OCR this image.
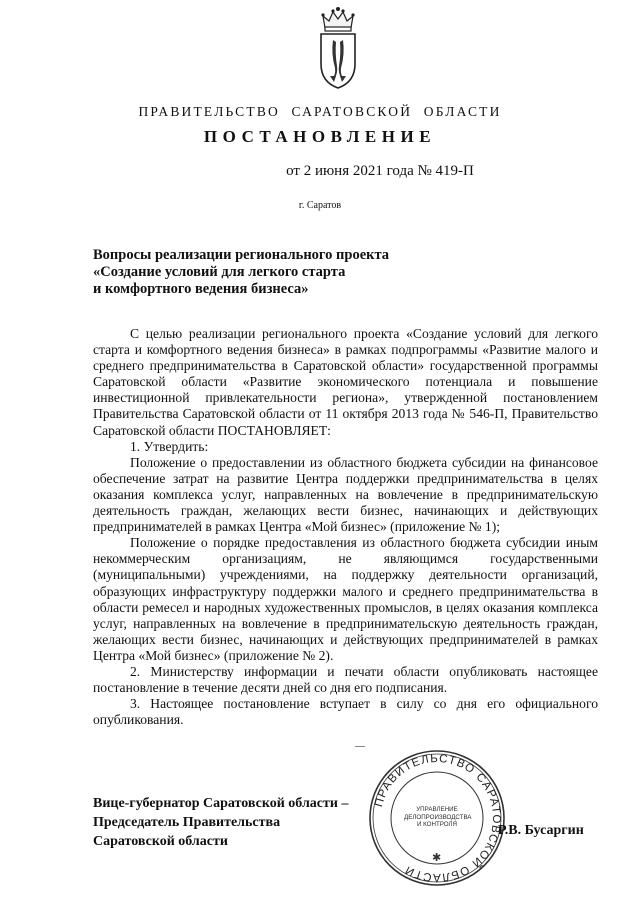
ПРАВИТЕЛЬСТВО САРАТОВСКОЙ ОБЛАСТИ
ПОСТАНОВЛЕНИЕ
от 2 июня 2021 года № 419-П
г. Саратов
Вопросы реализации регионального проекта
«Создание условий для легкого старта
и комфортного ведения бизнеса»

С целью реализации регионального проекта «Создание условий для легкого старта и комфортного ведения бизнеса» в рамках подпрограммы «Развитие малого и среднего предпринимательства в Саратовской области» государственной программы Саратовской области «Развитие экономического потенциала и повышение инвестиционной привлекательности региона», утвержденной постановлением Правительства Саратовской области от 11 октября 2013 года № 546-П, Правительство Саратовской области ПОСТАНОВЛЯЕТ:

1. Утвердить:

Положение о предоставлении из областного бюджета субсидии на финансовое обеспечение затрат на развитие Центра поддержки предпринимательства в целях оказания комплекса услуг, направленных на вовлечение в предпринимательскую деятельность граждан, желающих вести бизнес, начинающих и действующих предпринимателей в рамках Центра «Мой бизнес» (приложение № 1);

Положение о порядке предоставления из областного бюджета субсидии иным некоммерческим организациям, не являющимся государственными (муниципальными) учреждениями, на поддержку деятельности организаций, образующих инфраструктуру поддержки малого и среднего предпринимательства в области ремесел и народных художественных промыслов, в целях оказания комплекса услуг, направленных на вовлечение в предпринимательскую деятельность граждан, желающих вести бизнес, начинающих и действующих предпринимателей в рамках Центра «Мой бизнес» (приложение № 2).

2. Министерству информации и печати области опубликовать настоящее постановление в течение десяти дней со дня его подписания.

3. Настоящее постановление вступает в силу со дня его официального опубликования.

Вице-губернатор Саратовской области –
Председатель Правительства
Саратовской области
ПРАВИТЕЛЬСТВО САРАТОВСКОЙ ОБЛАСТИ
УПРАВЛЕНИЕ
ДЕЛОПРОИЗВОДСТВА
И КОНТРОЛЯ
✱
Р.В. Бусаргин
